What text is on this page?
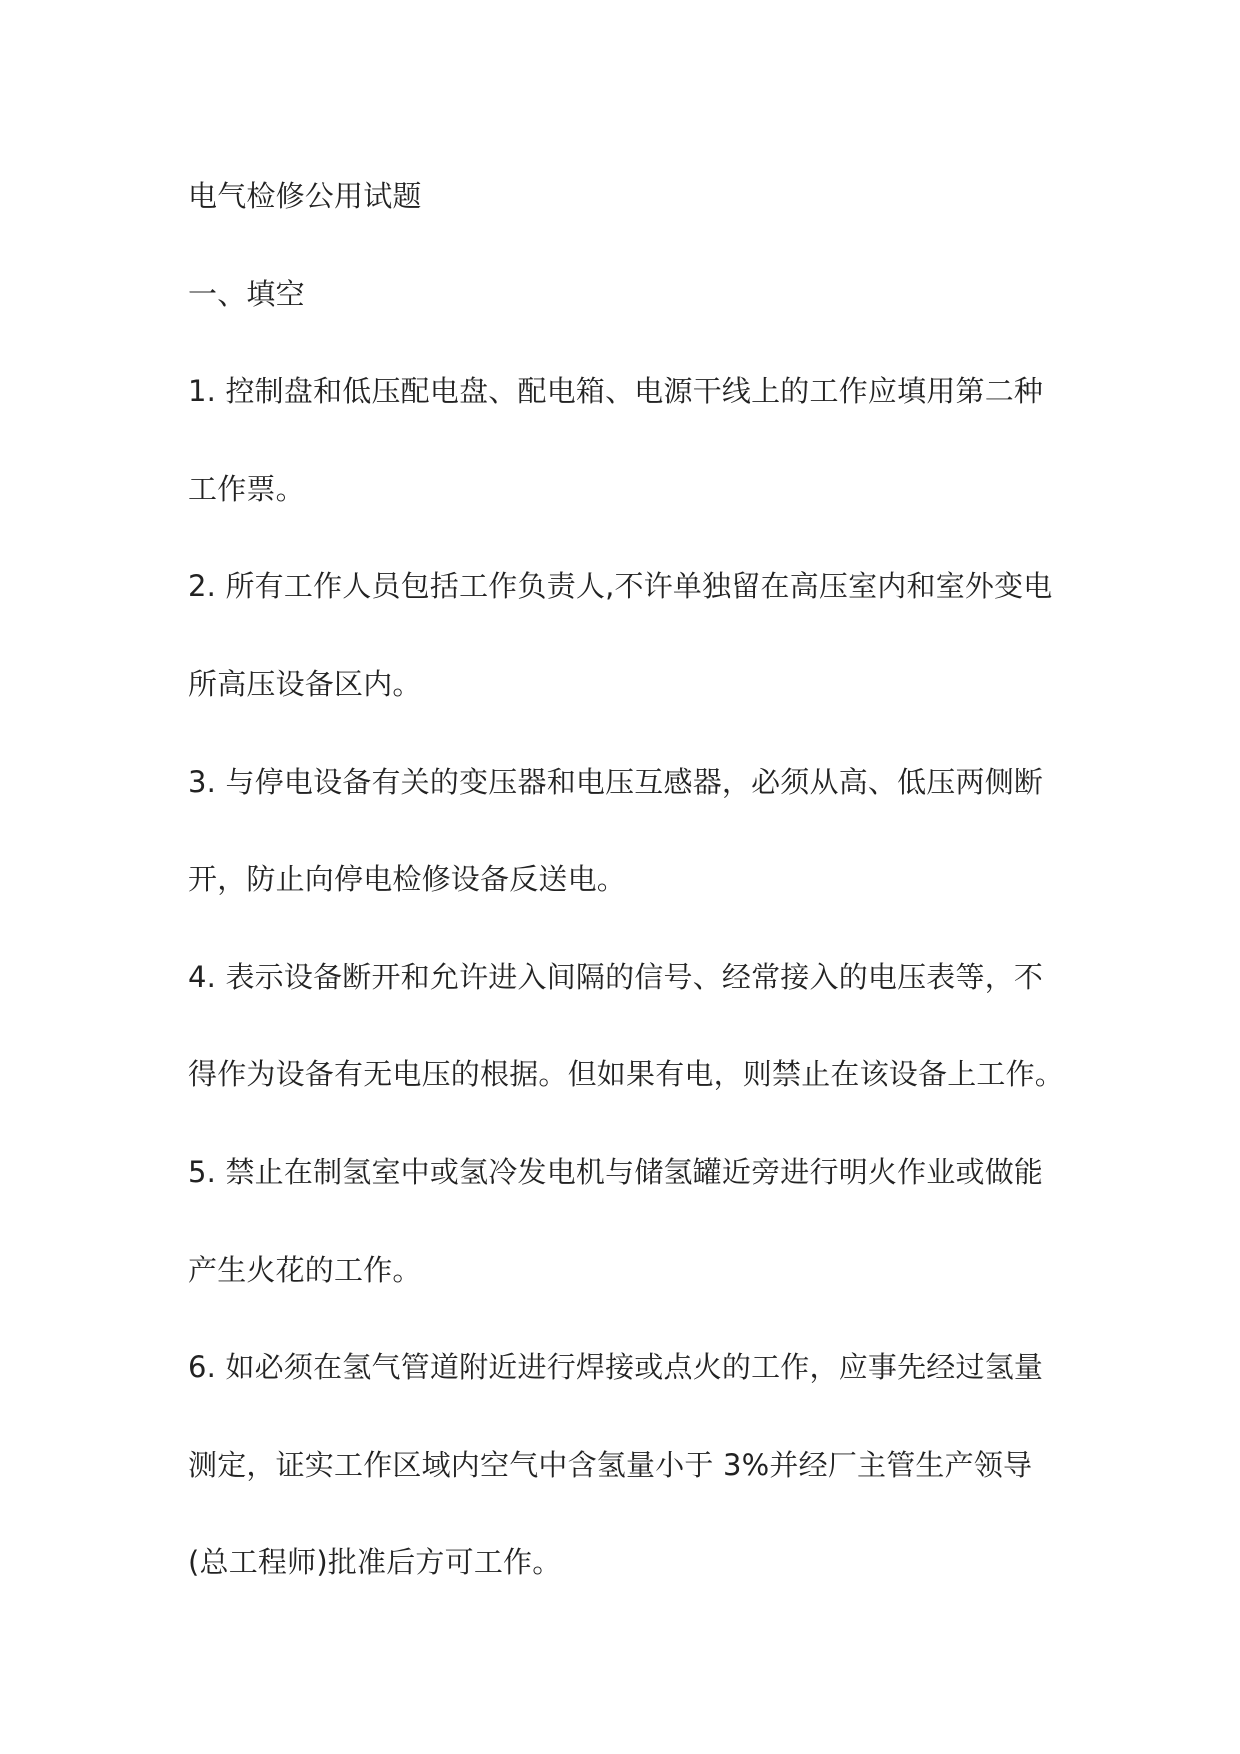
电气检修公用试题
一、填空
1. 控制盘和低压配电盘、配电箱、电源干线上的工作应填用第二种
工作票。
2. 所有工作人员包括工作负责人,不许单独留在高压室内和室外变电
所高压设备区内。
3. 与停电设备有关的变压器和电压互感器，必须从高、低压两侧断
开，防止向停电检修设备反送电。
4. 表示设备断开和允许进入间隔的信号、经常接入的电压表等，不
得作为设备有无电压的根据。但如果有电，则禁止在该设备上工作。
5. 禁止在制氢室中或氢冷发电机与储氢罐近旁进行明火作业或做能
产生火花的工作。
6. 如必须在氢气管道附近进行焊接或点火的工作，应事先经过氢量
测定，证实工作区域内空气中含氢量小于 3%并经厂主管生产领导
(总工程师)批准后方可工作。
